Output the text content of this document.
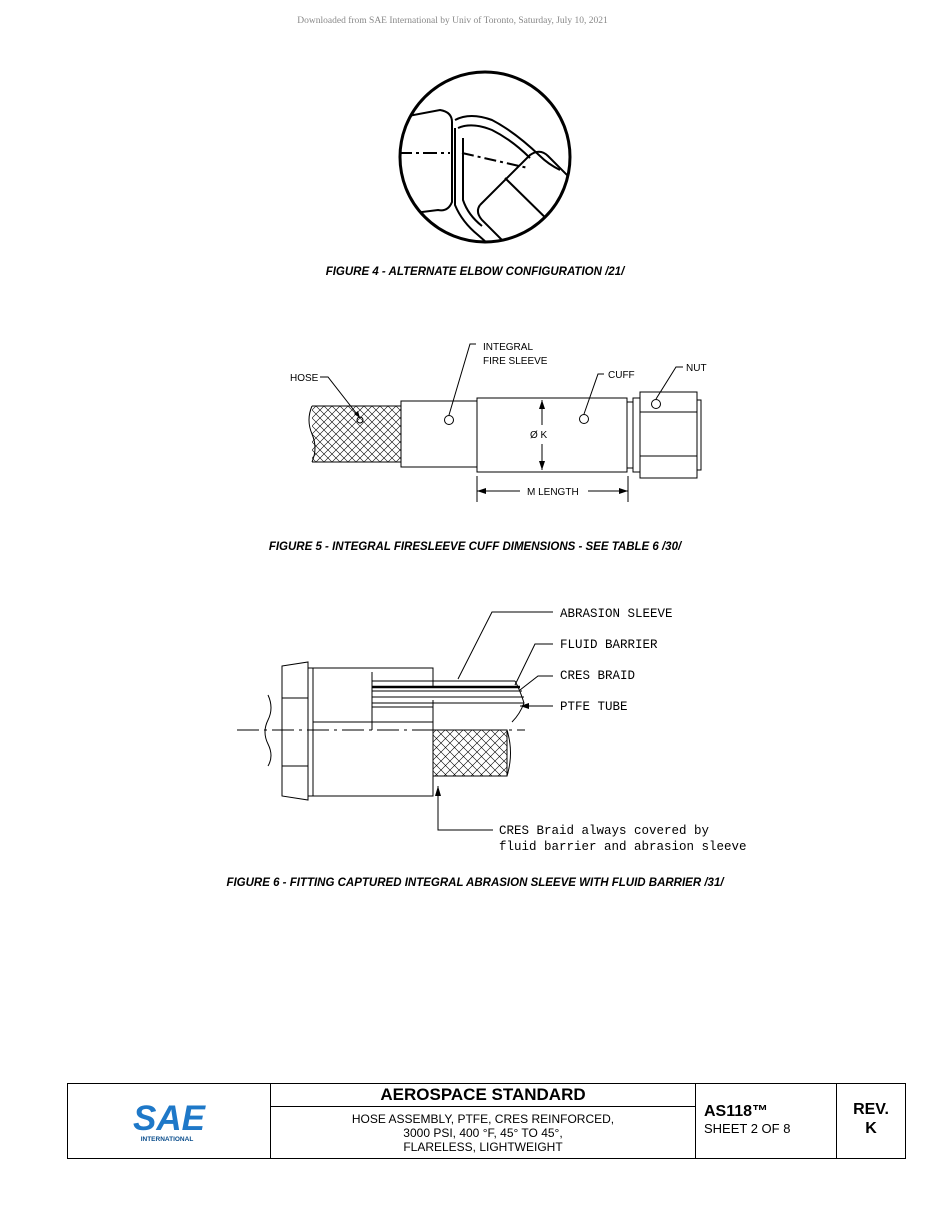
Downloaded from SAE International by Univ of Toronto, Saturday, July 10, 2021
FIGURE 4 - ALTERNATE ELBOW CONFIGURATION /21/
HOSE
INTEGRAL
FIRE SLEEVE
CUFF
NUT
Ø K
M LENGTH
FIGURE 5 - INTEGRAL FIRESLEEVE CUFF DIMENSIONS - SEE TABLE 6 /30/
ABRASION SLEEVE
FLUID BARRIER
CRES BRAID
PTFE TUBE
CRES Braid always covered by
fluid barrier and abrasion sleeve
FIGURE 6 - FITTING CAPTURED INTEGRAL ABRASION SLEEVE WITH FLUID BARRIER /31/
SAE
INTERNATIONAL
AEROSPACE STANDARD
HOSE ASSEMBLY, PTFE, CRES REINFORCED,
3000 PSI, 400 °F, 45° TO 45°,
FLARELESS, LIGHTWEIGHT
AS118™
SHEET 2 OF 8
REV.
K
